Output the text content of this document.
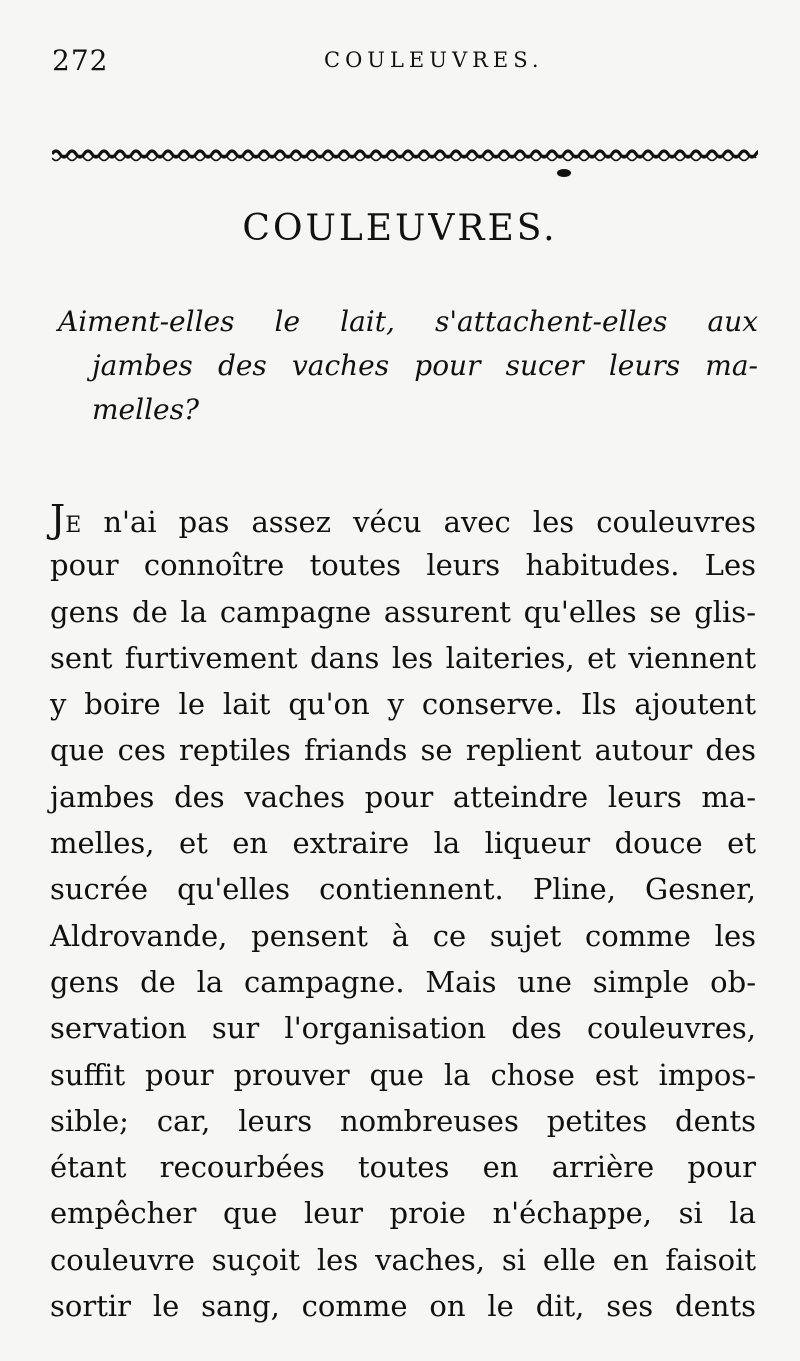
272	COULEUVRES.
COULEUVRES.
Aiment-elles le lait, s'attachent-elles aux
jambes des vaches pour sucer leurs ma-
melles?
JE n'ai pas assez vécu avec les couleuvres
pour connoître toutes leurs habitudes. Les
gens de la campagne assurent qu'elles se glis-
sent furtivement dans les laiteries, et viennent
y boire le lait qu'on y conserve. Ils ajoutent
que ces reptiles friands se replient autour des
jambes des vaches pour atteindre leurs ma-
melles, et en extraire la liqueur douce et
sucrée qu'elles contiennent. Pline, Gesner,
Aldrovande, pensent à ce sujet comme les
gens de la campagne. Mais une simple ob-
servation sur l'organisation des couleuvres,
suffit pour prouver que la chose est impos-
sible; car, leurs nombreuses petites dents
étant recourbées toutes en arrière pour
empêcher que leur proie n'échappe, si la
couleuvre suçoit les vaches, si elle en faisoit
sortir le sang, comme on le dit, ses dents
